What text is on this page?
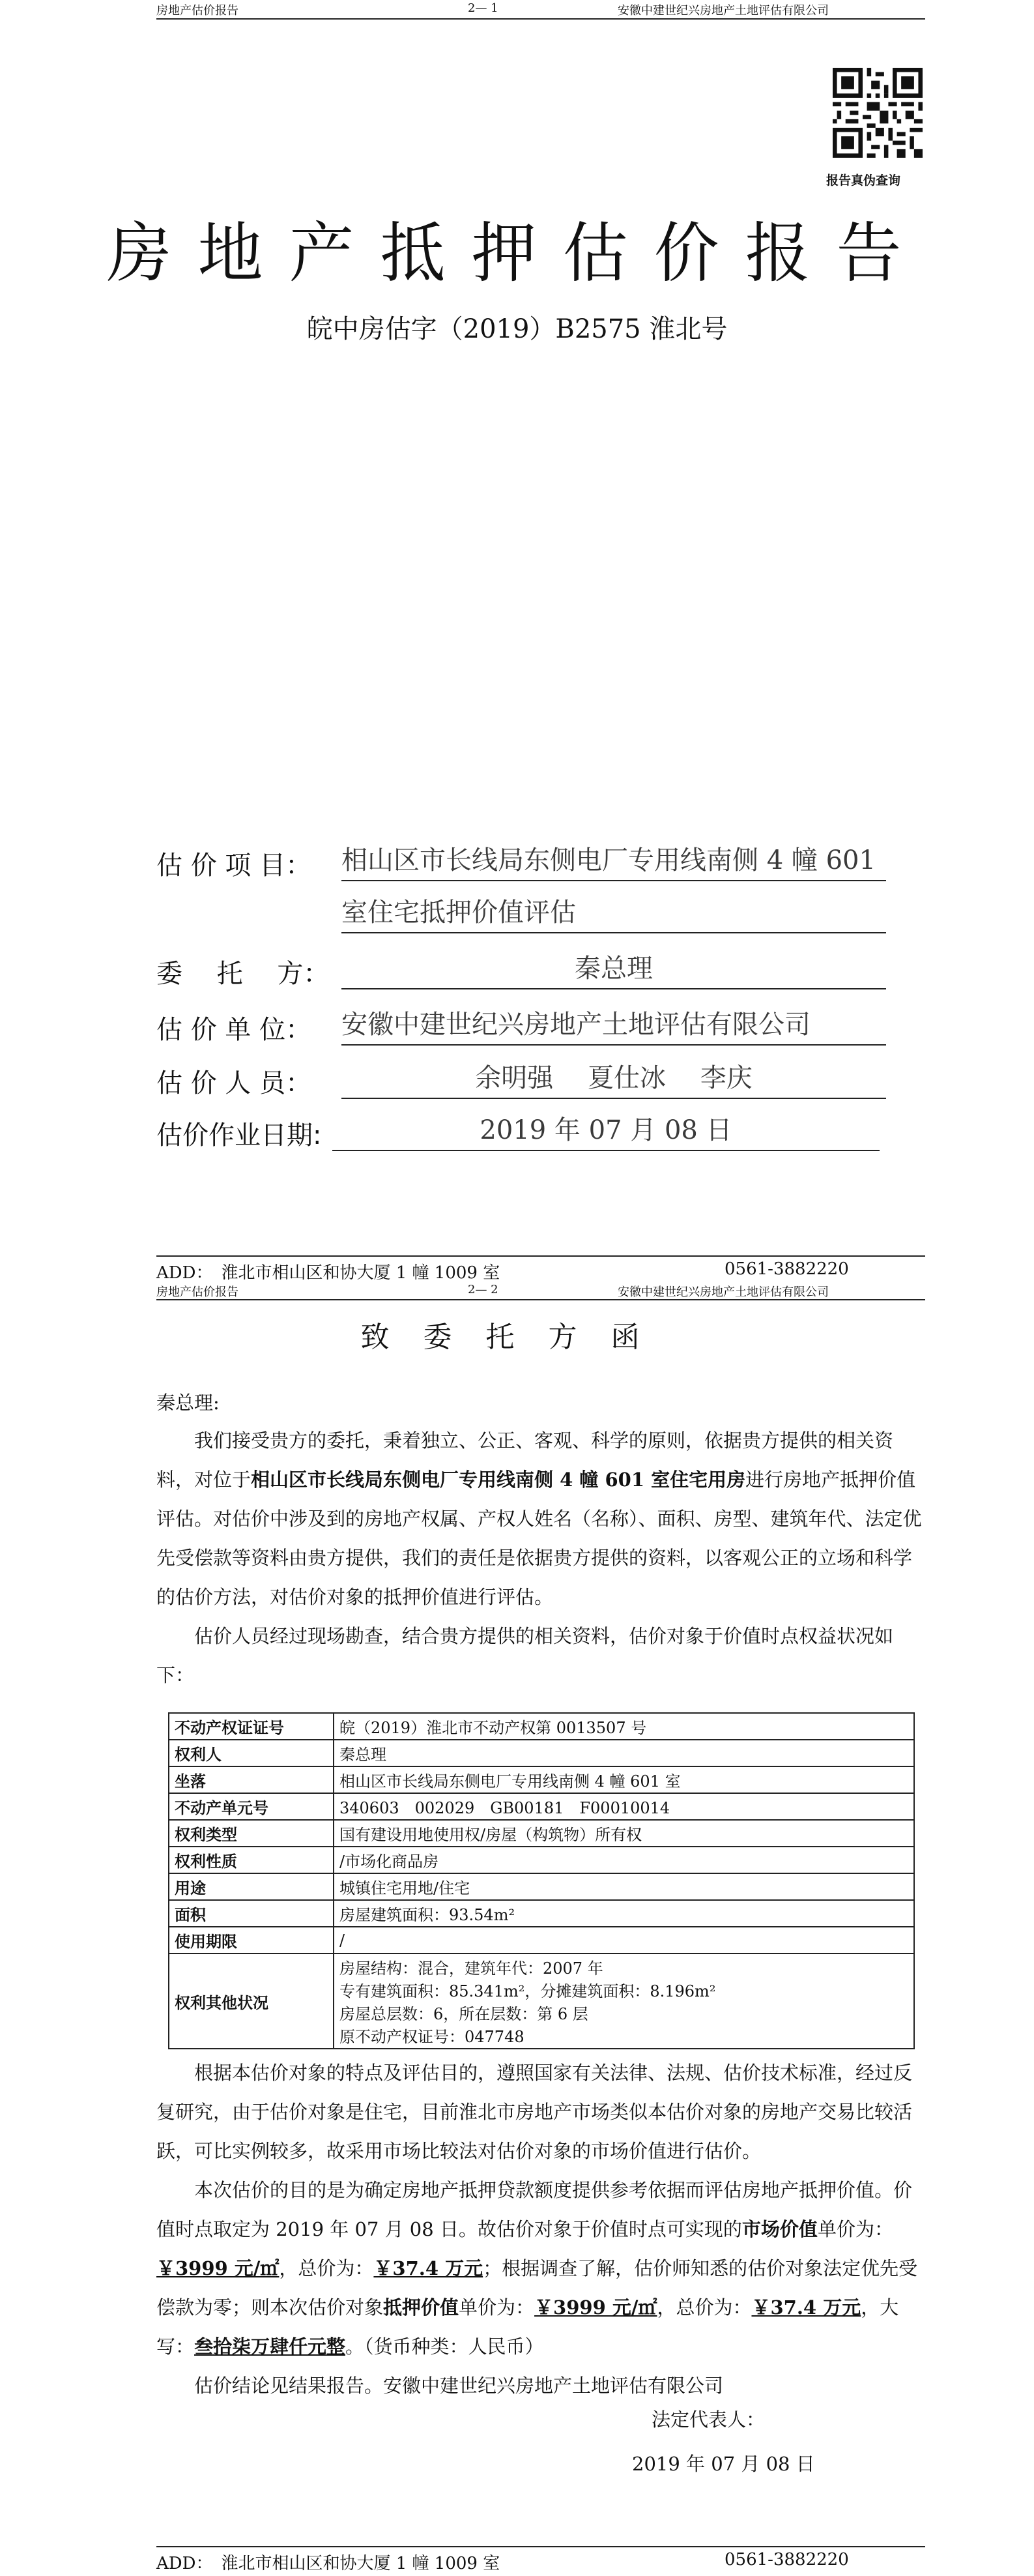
房地产估价报告	2— 1	安徽中建世纪兴房地产土地评估有限公司
报告真伪查询
房地产抵押估价报告
皖中房估字（2019）B2575 淮北号
估 价 项 目： 相山区市长线局东侧电厂专用线南侧 4 幢 601
室住宅抵押价值评估
委　 托　 方：	秦总理
估 价 单 位： 安徽中建世纪兴房地产土地评估有限公司
估 价 人 员：	余明强　 夏仕冰　 李庆
估价作业日期:	2019 年 07 月 08 日
ADD：　淮北市相山区和协大厦 1 幢 1009 室	0561-3882220
房地产估价报告	2— 2	安徽中建世纪兴房地产土地评估有限公司
致委托方函
秦总理:
我们接受贵方的委托，秉着独立、公正、客观、科学的原则，依据贵方提供的相关资料，对位于相山区市长线局东侧电厂专用线南侧 4 幢 601 室住宅用房进行房地产抵押价值评估。对估价中涉及到的房地产权属、产权人姓名（名称）、面积、房型、建筑年代、法定优先受偿款等资料由贵方提供，我们的责任是依据贵方提供的资料，以客观公正的立场和科学的估价方法，对估价对象的抵押价值进行评估。
估价人员经过现场勘查，结合贵方提供的相关资料，估价对象于价值时点权益状况如下：
不动产权证证号	皖（2019）淮北市不动产权第 0013507 号

权利人	秦总理

坐落	相山区市长线局东侧电厂专用线南侧 4 幢 601 室

不动产单元号	340603　002029　GB00181　F00010014

权利类型	国有建设用地使用权/房屋（构筑物）所有权

权利性质	/市场化商品房

用途	城镇住宅用地/住宅

面积	房屋建筑面积：93.54m²

使用期限	/

权利其他状况	房屋结构：混合，建筑年代：2007 年
专有建筑面积：85.341m²，分摊建筑面积：8.196m²
房屋总层数：6，所在层数：第 6 层
原不动产权证号：047748
根据本估价对象的特点及评估目的，遵照国家有关法律、法规、估价技术标准，经过反复研究，由于估价对象是住宅，目前淮北市房地产市场类似本估价对象的房地产交易比较活跃，可比实例较多，故采用市场比较法对估价对象的市场价值进行估价。
本次估价的目的是为确定房地产抵押贷款额度提供参考依据而评估房地产抵押价值。价值时点取定为 2019 年 07 月 08 日。故估价对象于价值时点可实现的市场价值单价为：￥3999 元/㎡，总价为：￥37.4 万元；根据调查了解，估价师知悉的估价对象法定优先受偿款为零；则本次估价对象抵押价值单价为：￥3999 元/㎡，总价为：￥37.4 万元，大写：叁拾柒万肆仟元整。（货币种类：人民币）
估价结论见结果报告。安徽中建世纪兴房地产土地评估有限公司
法定代表人：
2019 年 07 月 08 日
ADD：　淮北市相山区和协大厦 1 幢 1009 室	0561-3882220
